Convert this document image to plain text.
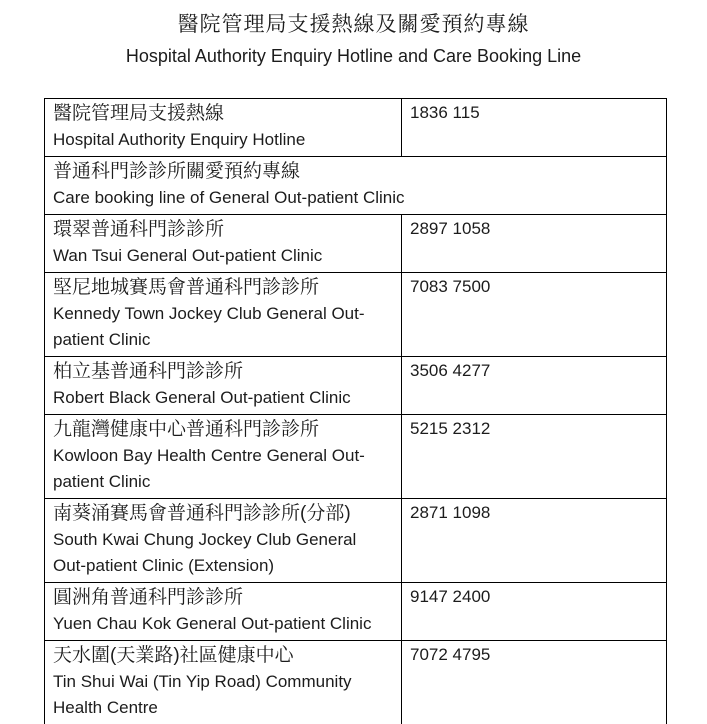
醫院管理局支援熱線及關愛預約專線
Hospital Authority Enquiry Hotline and Care Booking Line
醫院管理局支援熱線
Hospital Authority Enquiry Hotline	1836 115

普通科門診診所關愛預約專線
Care booking line of General Out-patient Clinic	

環翠普通科門診診所
Wan Tsui General Out-patient Clinic	2897 1058

堅尼地城賽馬會普通科門診診所
Kennedy Town Jockey Club General Out-patient Clinic	7083 7500

柏立基普通科門診診所
Robert Black General Out-patient Clinic	3506 4277

九龍灣健康中心普通科門診診所
Kowloon Bay Health Centre General Out-patient Clinic	5215 2312

南葵涌賽馬會普通科門診診所(分部)
South Kwai Chung Jockey Club General Out-patient Clinic (Extension)	2871 1098

圓洲角普通科門診診所
Yuen Chau Kok General Out-patient Clinic	9147 2400

天水圍(天業路)社區健康中心
Tin Shui Wai (Tin Yip Road) Community Health Centre	7072 4795
